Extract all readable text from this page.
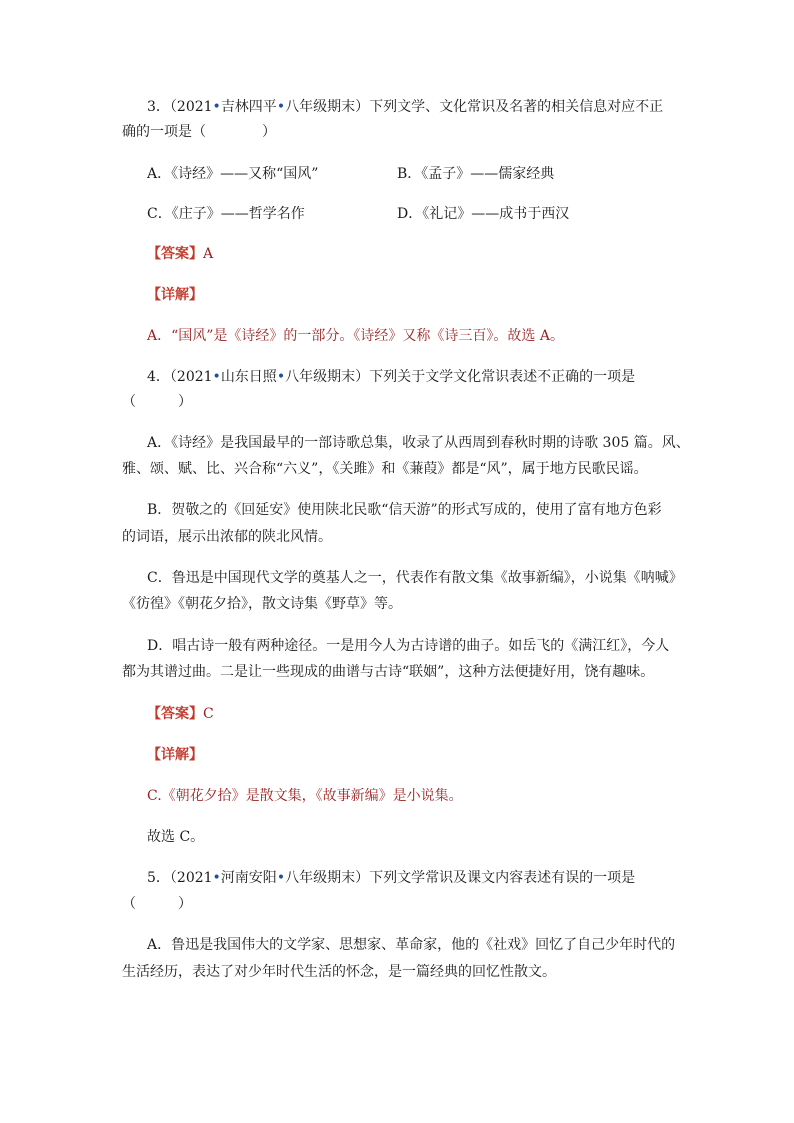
3．（2021•吉林四平•八年级期末）下列文学、文化常识及名著的相关信息对应不正
确的一项是（　　　　）
A．《诗经》——又称“国风”	B．《孟子》——儒家经典
C．《庄子》——哲学名作	D．《礼记》——成书于西汉
【答案】A
【详解】
A．“国风”是《诗经》的一部分。《诗经》又称《诗三百》。故选 A。
4．（2021•山东日照•八年级期末）下列关于文学文化常识表述不正确的一项是
（　　　）
A．《诗经》是我国最早的一部诗歌总集，收录了从西周到春秋时期的诗歌 305 篇。风、
雅、颂、赋、比、兴合称“六义”，《关雎》和《蒹葭》都是“风”，属于地方民歌民谣。
B．贺敬之的《回延安》使用陕北民歌“信天游”的形式写成的，使用了富有地方色彩
的词语，展示出浓郁的陕北风情。
C．鲁迅是中国现代文学的奠基人之一，代表作有散文集《故事新编》，小说集《呐喊》
《彷徨》《朝花夕拾》，散文诗集《野草》等。
D．唱古诗一般有两种途径。一是用今人为古诗谱的曲子。如岳飞的《满江红》，今人
都为其谱过曲。二是让一些现成的曲谱与古诗“联姻”，这种方法便捷好用，饶有趣味。
【答案】C
【详解】
C.《朝花夕拾》是散文集，《故事新编》是小说集。
故选 C。
5．（2021•河南安阳•八年级期末）下列文学常识及课文内容表述有误的一项是
（　　　）
A．鲁迅是我国伟大的文学家、思想家、革命家，他的《社戏》回忆了自己少年时代的
生活经历，表达了对少年时代生活的怀念，是一篇经典的回忆性散文。
